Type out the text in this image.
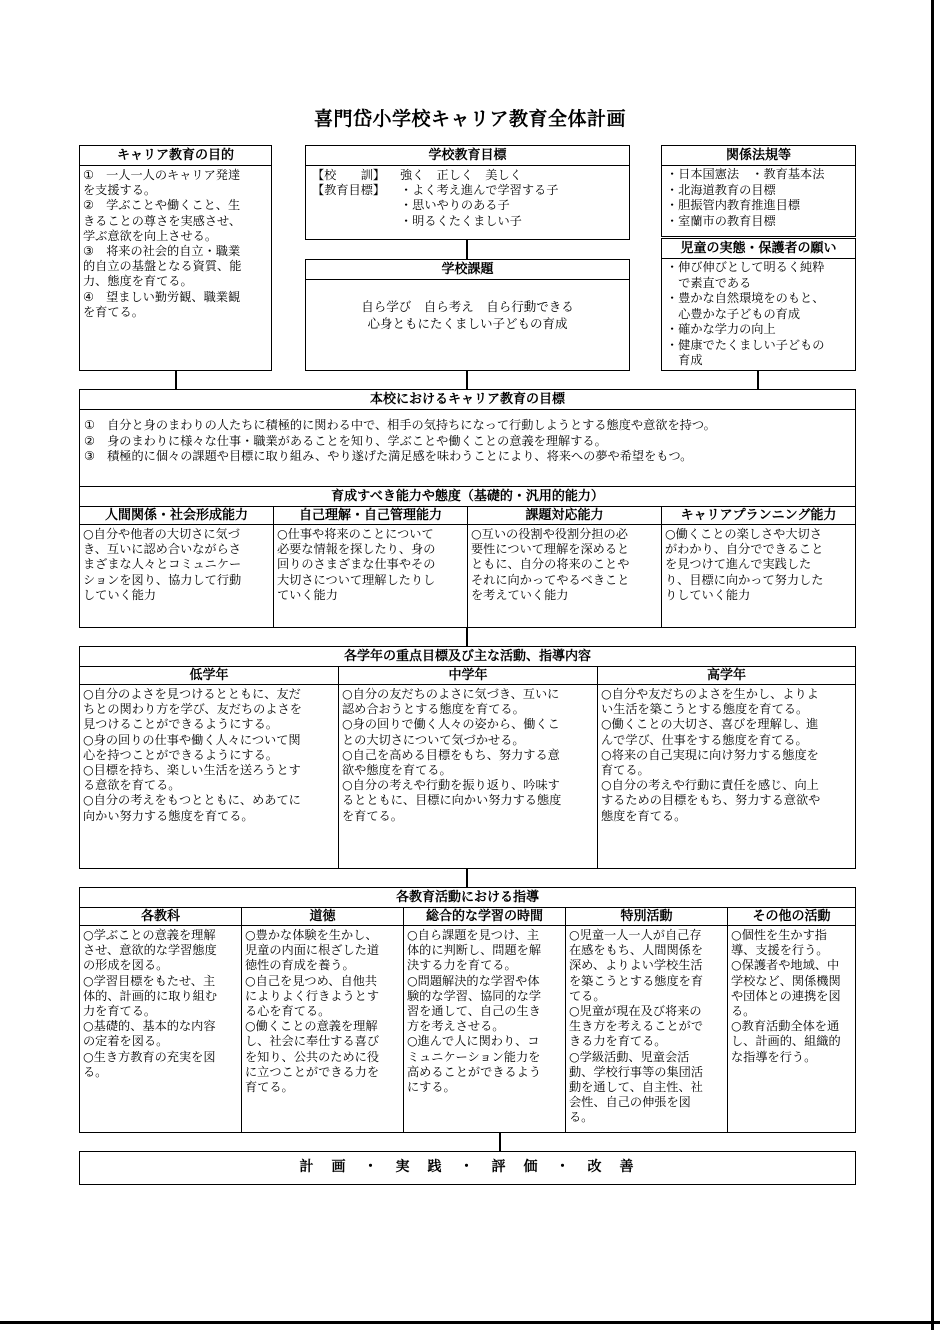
喜門岱小学校キャリア教育全体計画
キャリア教育の目的
①　一人一人のキャリア発達
を支援する。
②　学ぶことや働くこと、生
きることの尊さを実感させ、
学ぶ意欲を向上させる。
③　将来の社会的自立・職業
的自立の基盤となる資質、能
力、態度を育てる。
④　望ましい勤労観、職業観
を育てる。
学校教育目標
【校　　訓】	強く　正しく　美しく
【教育目標】	・よく考え進んで学習する子
・思いやりのある子
・明るくたくましい子
学校課題
自ら学び　自ら考え　自ら行動できる
心身ともにたくましい子どもの育成
関係法規等
・日本国憲法　・教育基本法
・北海道教育の目標
・胆振管内教育推進目標
・室蘭市の教育目標
児童の実態・保護者の願い
・伸び伸びとして明るく純粋
　で素直である
・豊かな自然環境をのもと、
　心豊かな子どもの育成
・確かな学力の向上
・健康でたくましい子どもの
　育成
本校におけるキャリア教育の目標
①　自分と身のまわりの人たちに積極的に関わる中で、相手の気持ちになって行動しようとする態度や意欲を持つ。
②　身のまわりに様々な仕事・職業があることを知り、学ぶことや働くことの意義を理解する。
③　積極的に個々の課題や目標に取り組み、やり遂げた満足感を味わうことにより、将来への夢や希望をもつ。
育成すべき能力や態度（基礎的・汎用的能力）
人間関係・社会形成能力
○自分や他者の大切さに気づ
き、互いに認め合いながらさ
まざまな人々とコミュニケー
ションを図り、協力して行動
していく能力
自己理解・自己管理能力
○仕事や将来のことについて
必要な情報を探したり、身の
回りのさまざまな仕事やその
大切さについて理解したりし
ていく能力
課題対応能力
○互いの役割や役割分担の必
要性について理解を深めると
ともに、自分の将来のことや
それに向かってやるべきこと
を考えていく能力
キャリアプランニング能力
○働くことの楽しさや大切さ
がわかり、自分でできること
を見つけて進んで実践した
り、目標に向かって努力した
りしていく能力
各学年の重点目標及び主な活動、指導内容
低学年
○自分のよさを見つけるとともに、友だ
ちとの関わり方を学び、友だちのよさを
見つけることができるようにする。
○身の回りの仕事や働く人々について関
心を持つことができるようにする。
○目標を持ち、楽しい生活を送ろうとす
る意欲を育てる。
○自分の考えをもつとともに、めあてに
向かい努力する態度を育てる。
中学年
○自分の友だちのよさに気づき、互いに
認め合おうとする態度を育てる。
○身の回りで働く人々の姿から、働くこ
との大切さについて気づかせる。
○自己を高める目標をもち、努力する意
欲や態度を育てる。
○自分の考えや行動を振り返り、吟味す
るとともに、目標に向かい努力する態度
を育てる。
高学年
○自分や友だちのよさを生かし、よりよ
い生活を築こうとする態度を育てる。
○働くことの大切さ、喜びを理解し、進
んで学び、仕事をする態度を育てる。
○将来の自己実現に向け努力する態度を
育てる。
○自分の考えや行動に責任を感じ、向上
するための目標をもち、努力する意欲や
態度を育てる。
各教育活動における指導
各教科
○学ぶことの意義を理解
させ、意欲的な学習態度
の形成を図る。
○学習目標をもたせ、主
体的、計画的に取り組む
力を育てる。
○基礎的、基本的な内容
の定着を図る。
○生き方教育の充実を図
る。
道徳
○豊かな体験を生かし、
児童の内面に根ざした道
徳性の育成を養う。
○自己を見つめ、自他共
によりよく行きようとす
る心を育てる。
○働くことの意義を理解
し、社会に奉仕する喜び
を知り、公共のために役
に立つことができる力を
育てる。
総合的な学習の時間
○自ら課題を見つけ、主
体的に判断し、問題を解
決する力を育てる。
○問題解決的な学習や体
験的な学習、協同的な学
習を通して、自己の生き
方を考えさせる。
○進んで人に関わり、コ
ミュニケーション能力を
高めることができるよう
にする。
特別活動
○児童一人一人が自己存
在感をもち、人間関係を
深め、よりよい学校生活
を築こうとする態度を育
てる。
○児童が現在及び将来の
生き方を考えることがで
きる力を育てる。
○学級活動、児童会活
動、学校行事等の集団活
動を通して、自主性、社
会性、自己の伸張を図
る。
その他の活動
○個性を生かす指
導、支援を行う。
○保護者や地域、中
学校など、関係機関
や団体との連携を図
る。
○教育活動全体を通
し、計画的、組織的
な指導を行う。
計　画　・　実　践　・　評　価　・　改　善
